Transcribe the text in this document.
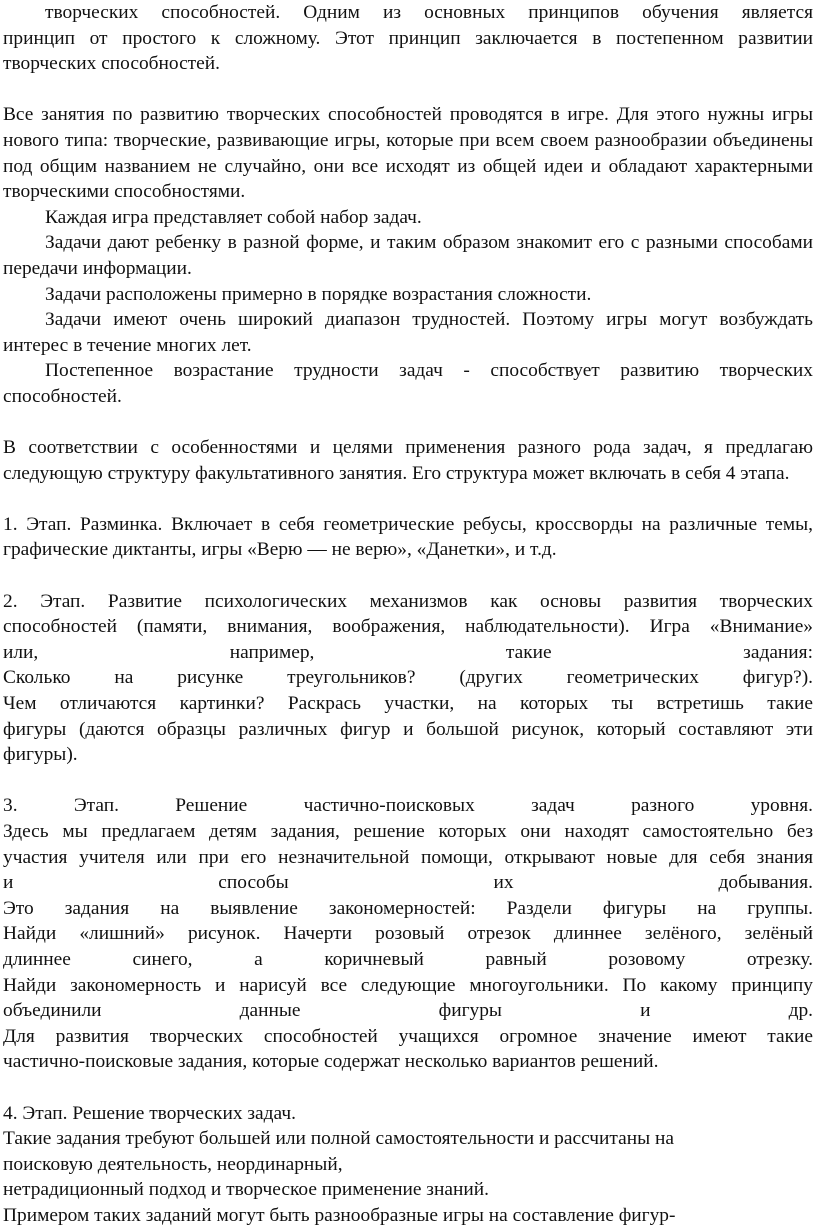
творческих способностей. Одним из основных принципов обучения является
принцип от простого к сложному. Этот принцип заключается в постепенном развитии
творческих способностей.

Все занятия по развитию творческих способностей проводятся в игре. Для этого нужны игры нового типа: творческие, развивающие игры, которые при всем своем разнообразии объединены под общим названием не случайно, они все исходят из общей идеи и обладают характерными творческими способностями.

Каждая игра представляет собой набор задач.

Задачи дают ребенку в разной форме, и таким образом знакомит его с разными способами передачи информации.

Задачи расположены примерно в порядке возрастания сложности.

Задачи имеют очень широкий диапазон трудностей. Поэтому игры могут возбуждать интерес в течение многих лет.

Постепенное возрастание трудности задач - способствует развитию творческих способностей.

В соответствии с особенностями и целями применения разного рода задач, я предлагаю следующую структуру факультативного занятия. Его структура может включать в себя 4 этапа.

1. Этап. Разминка. Включает в себя геометрические ребусы, кроссворды на различные темы, графические диктанты, игры «Верю — не верю», «Данетки», и т.д.

2. Этап. Развитие психологических механизмов как основы развития творческих
способностей (памяти, внимания, воображения, наблюдательности). Игра «Внимание»
или, например, такие задания:
Сколько на рисунке треугольников? (других геометрических фигур?).
Чем отличаются картинки? Раскрась участки, на которых ты встретишь такие
фигуры (даются образцы различных фигур и большой рисунок, который составляют эти
фигуры).
3. Этап. Решение частично-поисковых задач разного уровня.
Здесь мы предлагаем детям задания, решение которых они находят самостоятельно без
участия учителя или при его незначительной помощи, открывают новые для себя знания
и способы их добывания.
Это задания на выявление закономерностей: Раздели фигуры на группы.
Найди «лишний» рисунок. Начерти розовый отрезок длиннее зелёного, зелёный
длиннее синего, а коричневый равный розовому отрезку.
Найди закономерность и нарисуй все следующие многоугольники. По какому принципу
объединили данные фигуры и др.
Для развития творческих способностей учащихся огромное значение имеют такие
частично-поисковые задания, которые содержат несколько вариантов решений.
4. Этап. Решение творческих задач.
Такие задания требуют большей или полной самостоятельности и рассчитаны на
поисковую деятельность, неординарный,
нетрадиционный подход и творческое применение знаний.
Примером таких заданий могут быть разнообразные игры на составление фигур-
